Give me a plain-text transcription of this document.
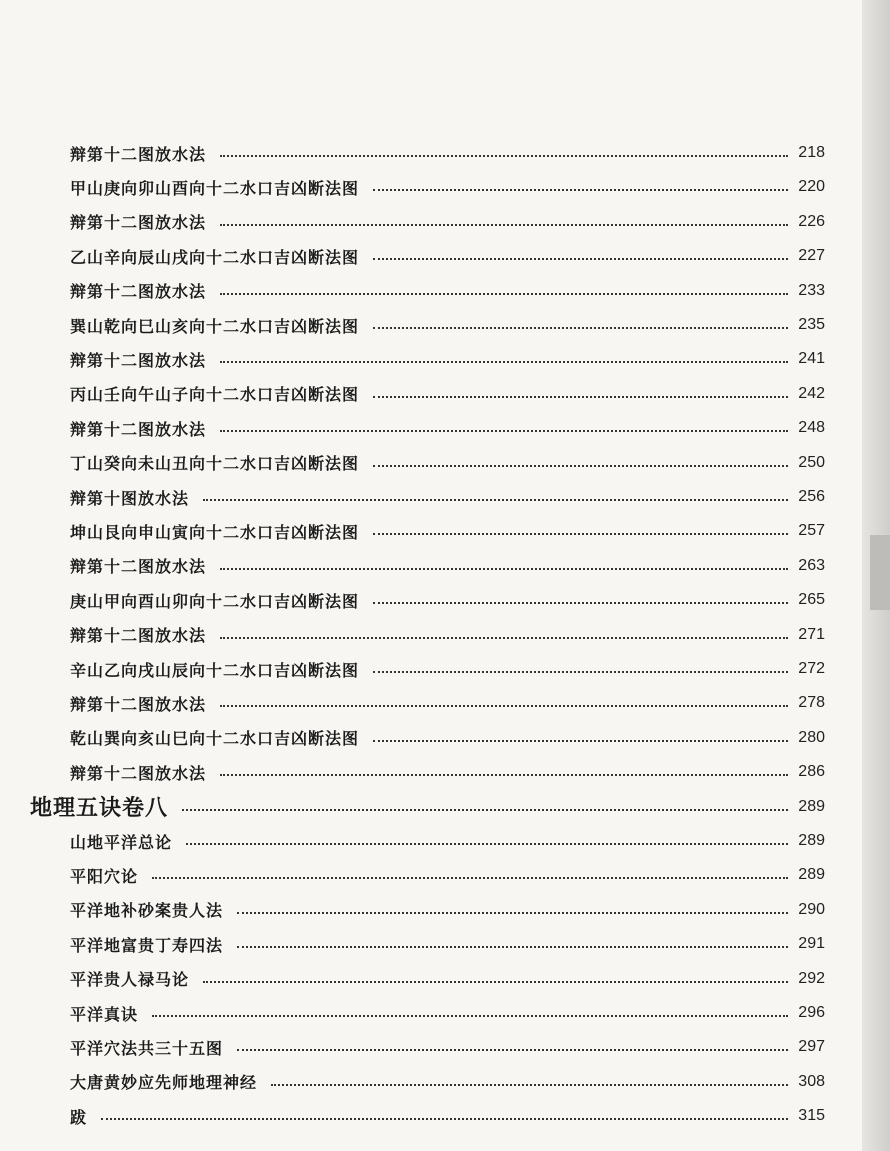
辩第十二图放水法	218
甲山庚向卯山酉向十二水口吉凶断法图	220
辩第十二图放水法	226
乙山辛向辰山戌向十二水口吉凶断法图	227
辩第十二图放水法	233
巽山乾向巳山亥向十二水口吉凶断法图	235
辩第十二图放水法	241
丙山壬向午山子向十二水口吉凶断法图	242
辩第十二图放水法	248
丁山癸向未山丑向十二水口吉凶断法图	250
辩第十图放水法	256
坤山艮向申山寅向十二水口吉凶断法图	257
辩第十二图放水法	263
庚山甲向酉山卯向十二水口吉凶断法图	265
辩第十二图放水法	271
辛山乙向戌山辰向十二水口吉凶断法图	272
辩第十二图放水法	278
乾山巽向亥山巳向十二水口吉凶断法图	280
辩第十二图放水法	286
地理五诀卷八	289
山地平洋总论	289
平阳穴论	289
平洋地补砂案贵人法	290
平洋地富贵丁寿四法	291
平洋贵人禄马论	292
平洋真诀	296
平洋穴法共三十五图	297
大唐黄妙应先师地理神经	308
跋	315
